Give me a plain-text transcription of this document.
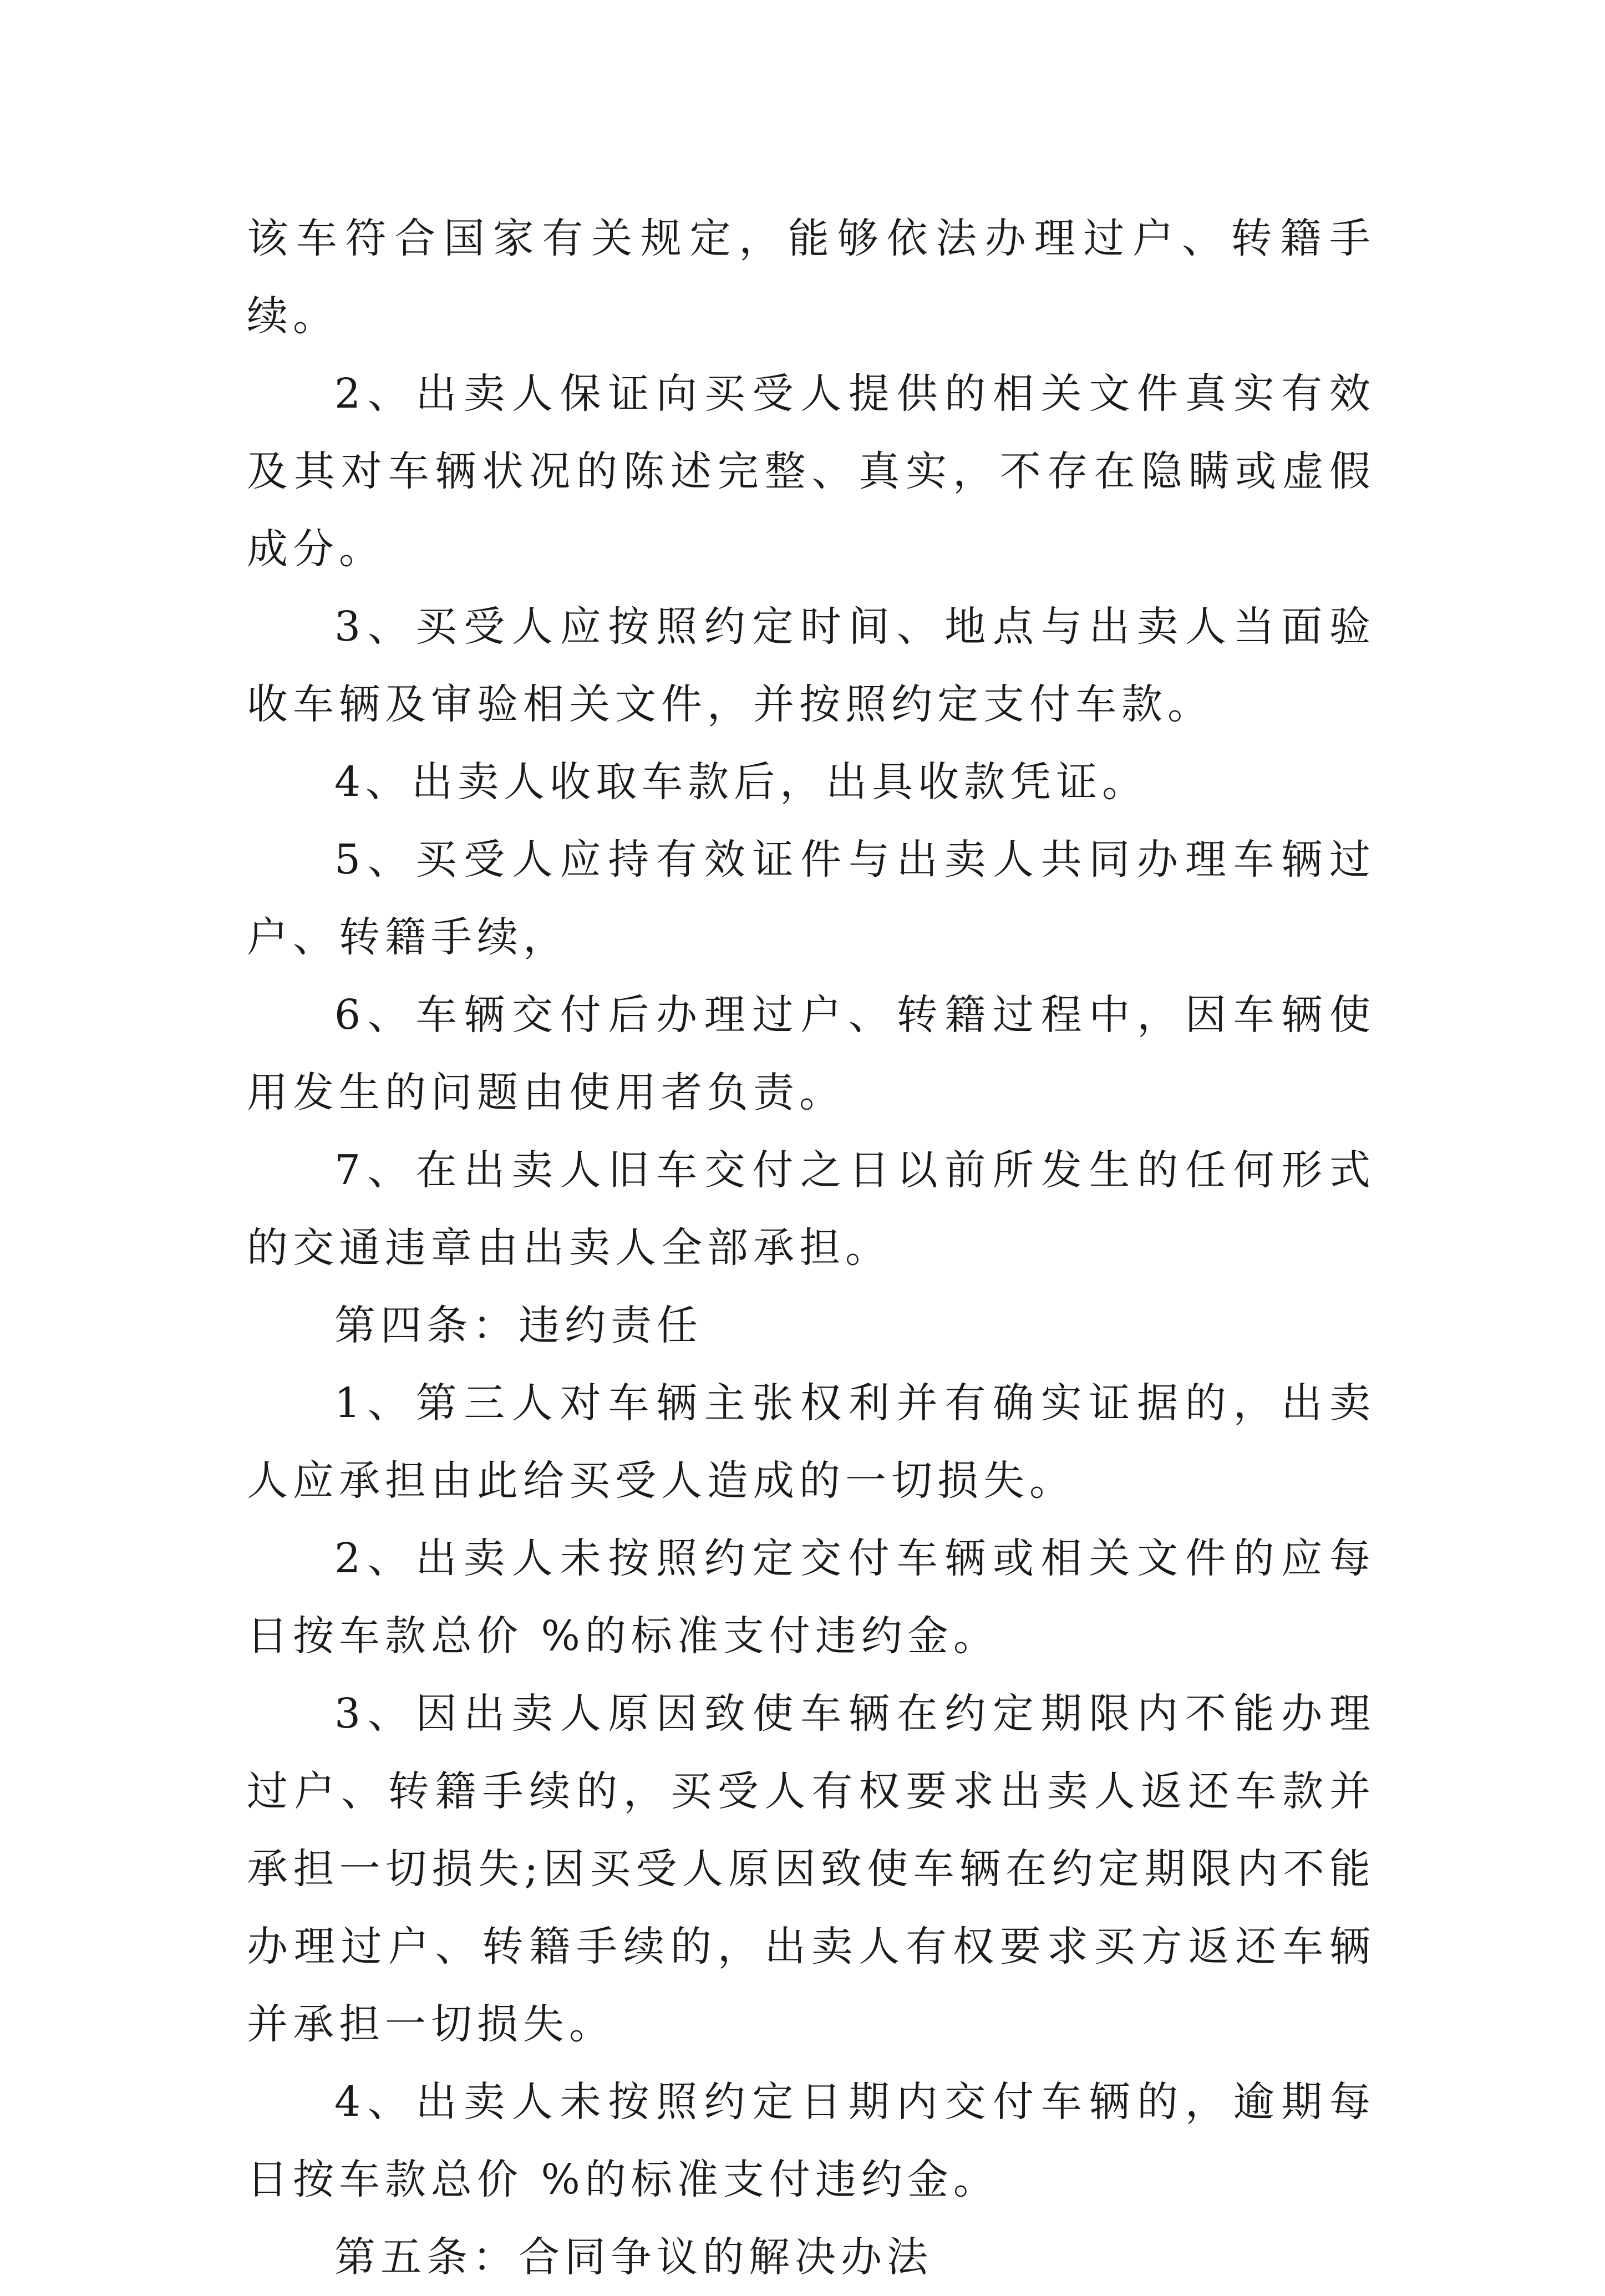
该车符合国家有关规定，能够依法办理过户、转籍手续。

2、出卖人保证向买受人提供的相关文件真实有效及其对车辆状况的陈述完整、真实，不存在隐瞒或虚假成分。

3、买受人应按照约定时间、地点与出卖人当面验收车辆及审验相关文件，并按照约定支付车款。

4、出卖人收取车款后，出具收款凭证。

5、买受人应持有效证件与出卖人共同办理车辆过户、转籍手续，

6、车辆交付后办理过户、转籍过程中，因车辆使用发生的问题由使用者负责。

7、在出卖人旧车交付之日以前所发生的任何形式的交通违章由出卖人全部承担。

第四条：违约责任

1、第三人对车辆主张权利并有确实证据的，出卖人应承担由此给买受人造成的一切损失。

2、出卖人未按照约定交付车辆或相关文件的应每日按车款总价 %的标准支付违约金。

3、因出卖人原因致使车辆在约定期限内不能办理过户、转籍手续的，买受人有权要求出卖人返还车款并承担一切损失;因买受人原因致使车辆在约定期限内不能办理过户、转籍手续的，出卖人有权要求买方返还车辆并承担一切损失。

4、出卖人未按照约定日期内交付车辆的，逾期每日按车款总价 %的标准支付违约金。

第五条：合同争议的解决办法
